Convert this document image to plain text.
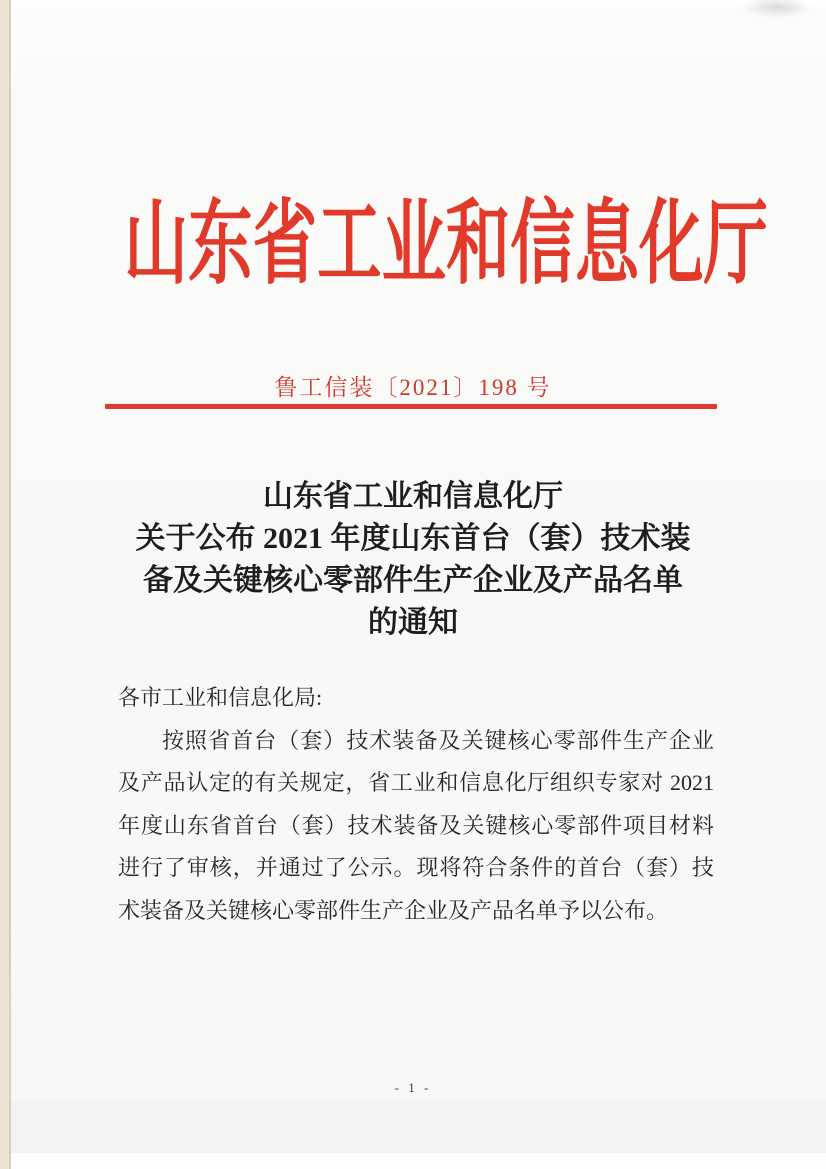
山东省工业和信息化厅
鲁工信装〔2021〕198 号
山东省工业和信息化厅
关于公布 2021 年度山东首台（套）技术装
备及关键核心零部件生产企业及产品名单
的通知
各市工业和信息化局:
按照省首台（套）技术装备及关键核心零部件生产企业
及产品认定的有关规定，省工业和信息化厅组织专家对 2021
年度山东省首台（套）技术装备及关键核心零部件项目材料
进行了审核，并通过了公示。现将符合条件的首台（套）技
术装备及关键核心零部件生产企业及产品名单予以公布。
- 1 -
